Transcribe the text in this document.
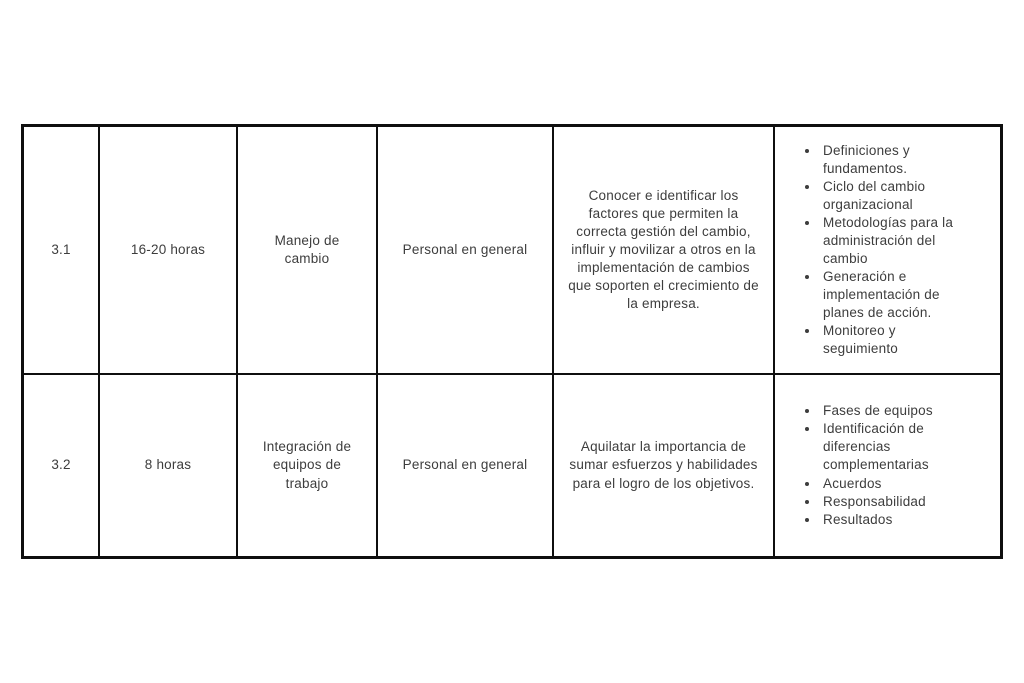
3.1	16-20 horas
Manejo de cambio
Personal en general
Conocer e identificar los factores que permiten la correcta gestión del cambio, influir y movilizar a otros en la implementación de cambios que soporten el crecimiento de la empresa.
• Definiciones y fundamentos.
• Ciclo del cambio organizacional
• Metodologías para la administración del cambio
• Generación e implementación de planes de acción.
• Monitoreo y seguimiento
3.2	8 horas
Integración de equipos de trabajo
Personal en general
Aquilatar la importancia de sumar esfuerzos y habilidades para el logro de los objetivos.
• Fases de equipos
• Identificación de diferencias complementarias
• Acuerdos
• Responsabilidad
• Resultados
